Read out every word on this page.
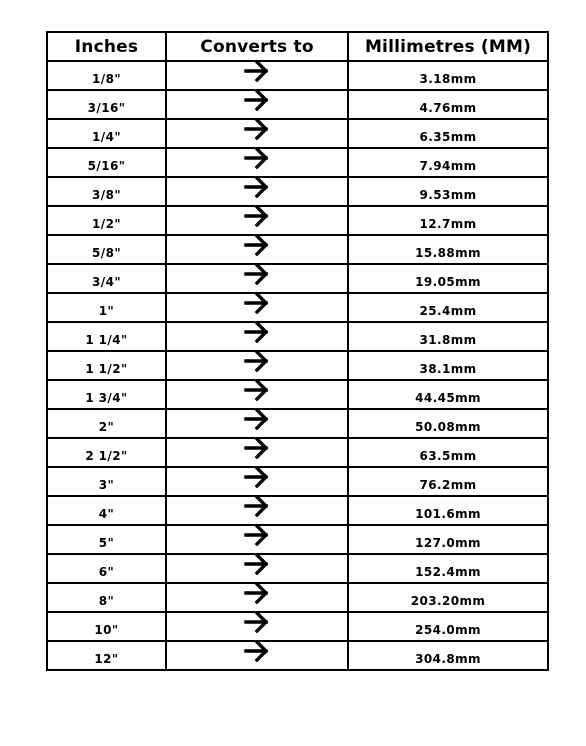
Inches	Converts to	Millimetres (MM)
1/8"		3.18mm
3/16"		4.76mm
1/4"		6.35mm
5/16"		7.94mm
3/8"		9.53mm
1/2"		12.7mm
5/8"		15.88mm
3/4"		19.05mm
1"		25.4mm
1 1/4"		31.8mm
1 1/2"		38.1mm
1 3/4"		44.45mm
2"		50.08mm
2 1/2"		63.5mm
3"		76.2mm
4"		101.6mm
5"		127.0mm
6"		152.4mm
8"		203.20mm
10"		254.0mm
12"		304.8mm
